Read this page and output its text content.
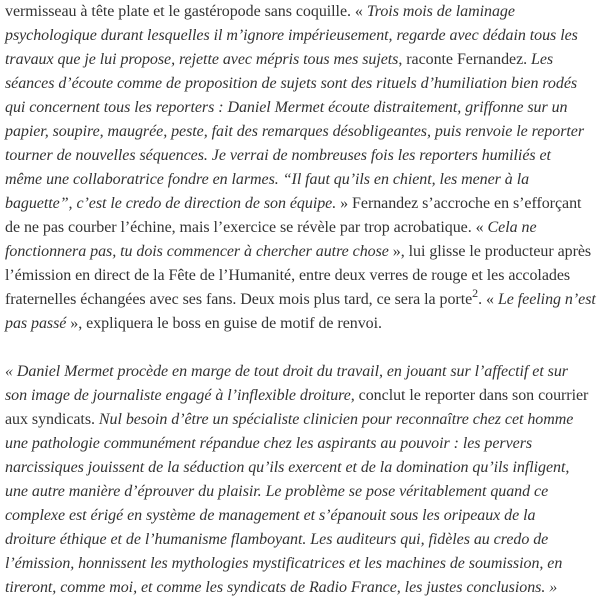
vermisseau à tête plate et le gastéropode sans coquille. « Trois mois de laminage
psychologique durant lesquelles il m’ignore impérieusement, regarde avec dédain tous les
travaux que je lui propose, rejette avec mépris tous mes sujets, raconte Fernandez. Les
séances d’écoute comme de proposition de sujets sont des rituels d’humiliation bien rodés
qui concernent tous les reporters : Daniel Mermet écoute distraitement, griffonne sur un
papier, soupire, maugrée, peste, fait des remarques désobligeantes, puis renvoie le reporter
tourner de nouvelles séquences. Je verrai de nombreuses fois les reporters humiliés et
même une collaboratrice fondre en larmes. “Il faut qu’ils en chient, les mener à la
baguette”, c’est le credo de direction de son équipe. » Fernandez s’accroche en s’efforçant
de ne pas courber l’échine, mais l’exercice se révèle par trop acrobatique. « Cela ne
fonctionnera pas, tu dois commencer à chercher autre chose », lui glisse le producteur après
l’émission en direct de la Fête de l’Humanité, entre deux verres de rouge et les accolades
fraternelles échangées avec ses fans. Deux mois plus tard, ce sera la porte$^2$. « Le feeling n’est
pas passé », expliquera le boss en guise de motif de renvoi.

« Daniel Mermet procède en marge de tout droit du travail, en jouant sur l’affectif et sur
son image de journaliste engagé à l’inflexible droiture, conclut le reporter dans son courrier
aux syndicats. Nul besoin d’être un spécialiste clinicien pour reconnaître chez cet homme
une pathologie communément répandue chez les aspirants au pouvoir : les pervers
narcissiques jouissent de la séduction qu’ils exercent et de la domination qu’ils infligent,
une autre manière d’éprouver du plaisir. Le problème se pose véritablement quand ce
complexe est érigé en système de management et s’épanouit sous les oripeaux de la
droiture éthique et de l’humanisme flamboyant. Les auditeurs qui, fidèles au credo de
l’émission, honnissent les mythologies mystificatrices et les machines de soumission, en
tireront, comme moi, et comme les syndicats de Radio France, les justes conclusions. »
